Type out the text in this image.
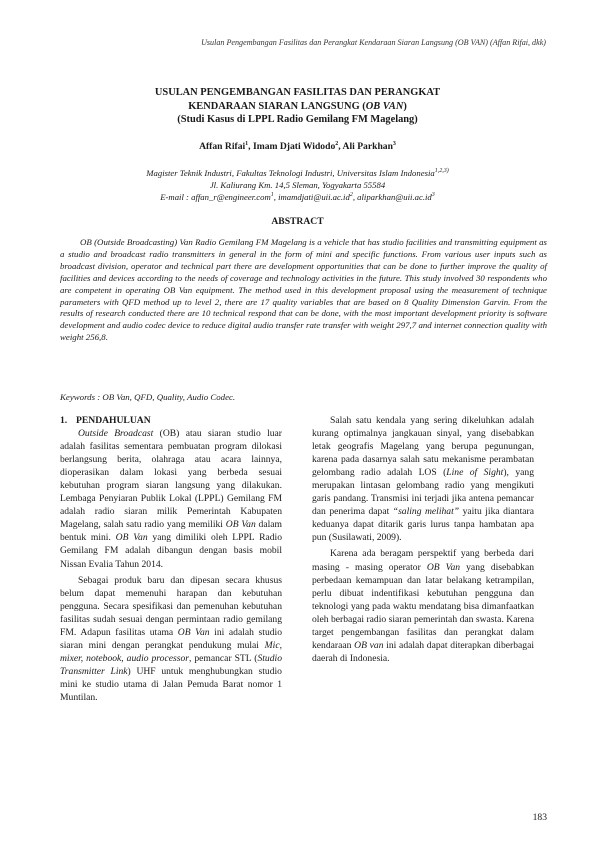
Usulan Pengembangan Fasilitas dan Perangkat Kendaraan Siaran Langsung (OB VAN) (Affan Rifai, dkk)
USULAN PENGEMBANGAN FASILITAS DAN PERANGKAT
KENDARAAN SIARAN LANGSUNG (OB VAN)
(Studi Kasus di LPPL Radio Gemilang FM Magelang)
Affan Rifai$^1$, Imam Djati Widodo$^2$, Ali Parkhan$^3$
Magister Teknik Industri, Fakultas Teknologi Industri, Universitas Islam Indonesia$^{1,2,3)}$
Jl. Kaliurang Km. 14,5 Sleman, Yogyakarta 55584
E-mail : affan_r@engineer.com$^1$, $imamdjati@uii.ac.id^2$, $aliparkhan@uii.ac.id^3$
ABSTRACT
OB (Outside Broadcasting) Van Radio Gemilang FM Magelang is a vehicle that has studio facilities and transmitting equipment as a studio and broadcast radio transmitters in general in the form of mini and specific functions. From various user inputs such as broadcast division, operator and technical part there are development opportunities that can be done to further improve the quality of facilities and devices according to the needs of coverage and technology activities in the future. This study involved 30 respondents who are competent in operating OB Van equipment. The method used in this development proposal using the measurement of technique parameters with QFD method up to level 2, there are 17 quality variables that are based on 8 Quality Dimension Garvin. From the results of research conducted there are 10 technical respond that can be done, with the most important development priority is software development and audio codec device to reduce digital audio transfer rate transfer with weight 297,7 and internet connection quality with weight 256,8.
Keywords : OB Van, QFD, Quality, Audio Codec.
1. PENDAHULUAN

Outside Broadcast (OB) atau siaran studio luar adalah fasilitas sementara pembuatan program dilokasi berlangsung berita, olahraga atau acara lainnya, dioperasikan dalam lokasi yang berbeda sesuai kebutuhan program siaran langsung yang dilakukan. Lembaga Penyiaran Publik Lokal (LPPL) Gemilang FM adalah radio siaran milik Pemerintah Kabupaten Magelang, salah satu radio yang memiliki OB Van dalam bentuk mini. OB Van yang dimiliki oleh LPPL Radio Gemilang FM adalah dibangun dengan basis mobil Nissan Evalia Tahun 2014.

Sebagai produk baru dan dipesan secara khusus belum dapat memenuhi harapan dan kebutuhan pengguna. Secara spesifikasi dan pemenuhan kebutuhan fasilitas sudah sesuai dengan permintaan radio gemilang FM. Adapun fasilitas utama OB Van ini adalah studio siaran mini dengan perangkat pendukung mulai Mic, mixer, notebook, audio processor, pemancar STL (Studio Transmitter Link) UHF untuk menghubungkan studio mini ke studio utama di Jalan Pemuda Barat nomor 1 Muntilan.

Salah satu kendala yang sering dikeluhkan adalah kurang optimalnya jangkauan sinyal, yang disebabkan letak geografis Magelang yang berupa pegunungan, karena pada dasarnya salah satu mekanisme perambatan gelombang radio adalah LOS (Line of Sight), yang merupakan lintasan gelombang radio yang mengikuti garis pandang. Transmisi ini terjadi jika antena pemancar dan penerima dapat “saling melihat” yaitu jika diantara keduanya dapat ditarik garis lurus tanpa hambatan apa pun (Susilawati, 2009).

Karena ada beragam perspektif yang berbeda dari masing - masing operator OB Van yang disebabkan perbedaan kemampuan dan latar belakang ketrampilan, perlu dibuat indentifikasi kebutuhan pengguna dan teknologi yang pada waktu mendatang bisa dimanfaatkan oleh berbagai radio siaran pemerintah dan swasta. Karena target pengembangan fasilitas dan perangkat dalam kendaraan OB van ini adalah dapat diterapkan diberbagai daerah di Indonesia.

183
